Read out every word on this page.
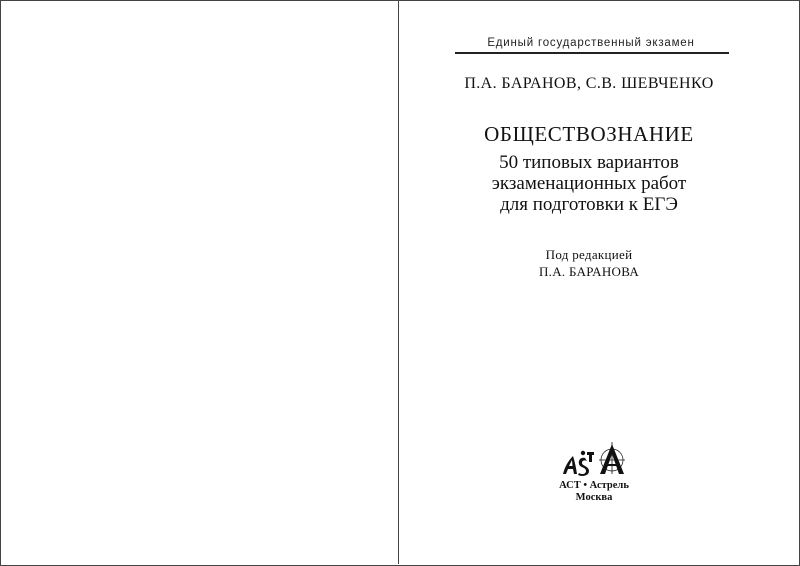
Единый государственный экзамен
П.А. БАРАНОВ, С.В. ШЕВЧЕНКО
ОБЩЕСТВОЗНАНИЕ
50 типовых вариантов
экзаменационных работ
для подготовки к ЕГЭ
Под редакцией
П.А. БАРАНОВА
АСТ • Астрель
Москва
